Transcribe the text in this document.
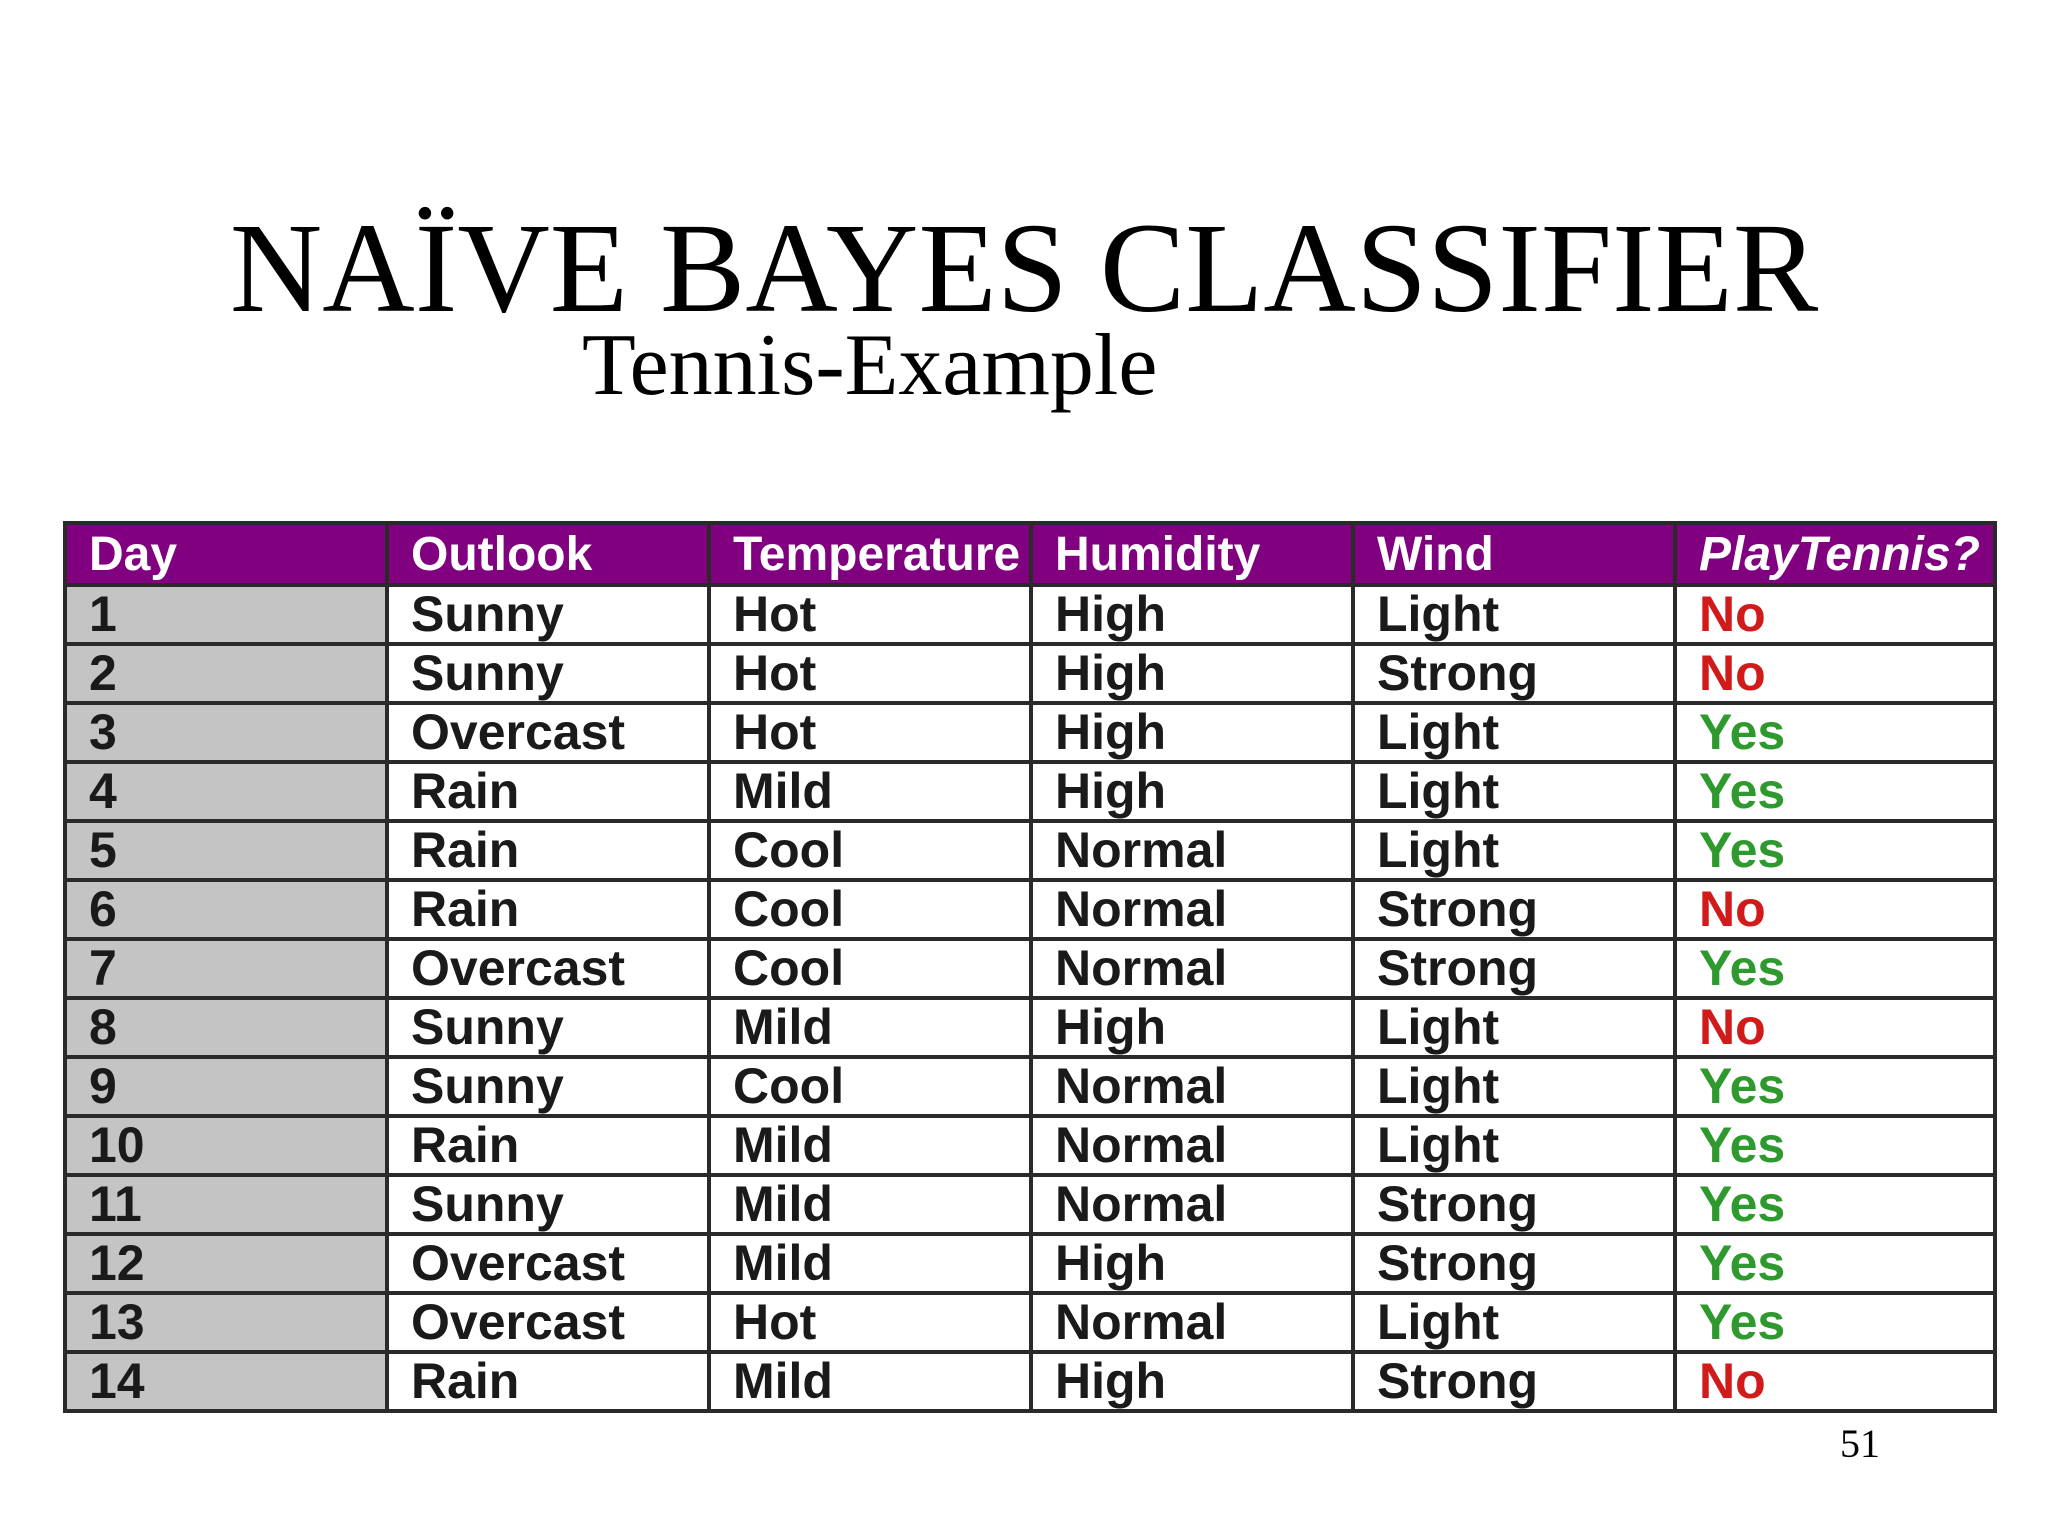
NAÏVE BAYES CLASSIFIER
Tennis-Example
Day	Outlook	Temperature	Humidity	Wind	PlayTennis?
1	Sunny	Hot	High	Light	No
2	Sunny	Hot	High	Strong	No
3	Overcast	Hot	High	Light	Yes
4	Rain	Mild	High	Light	Yes
5	Rain	Cool	Normal	Light	Yes
6	Rain	Cool	Normal	Strong	No
7	Overcast	Cool	Normal	Strong	Yes
8	Sunny	Mild	High	Light	No
9	Sunny	Cool	Normal	Light	Yes
10	Rain	Mild	Normal	Light	Yes
11	Sunny	Mild	Normal	Strong	Yes
12	Overcast	Mild	High	Strong	Yes
13	Overcast	Hot	Normal	Light	Yes
14	Rain	Mild	High	Strong	No
51
